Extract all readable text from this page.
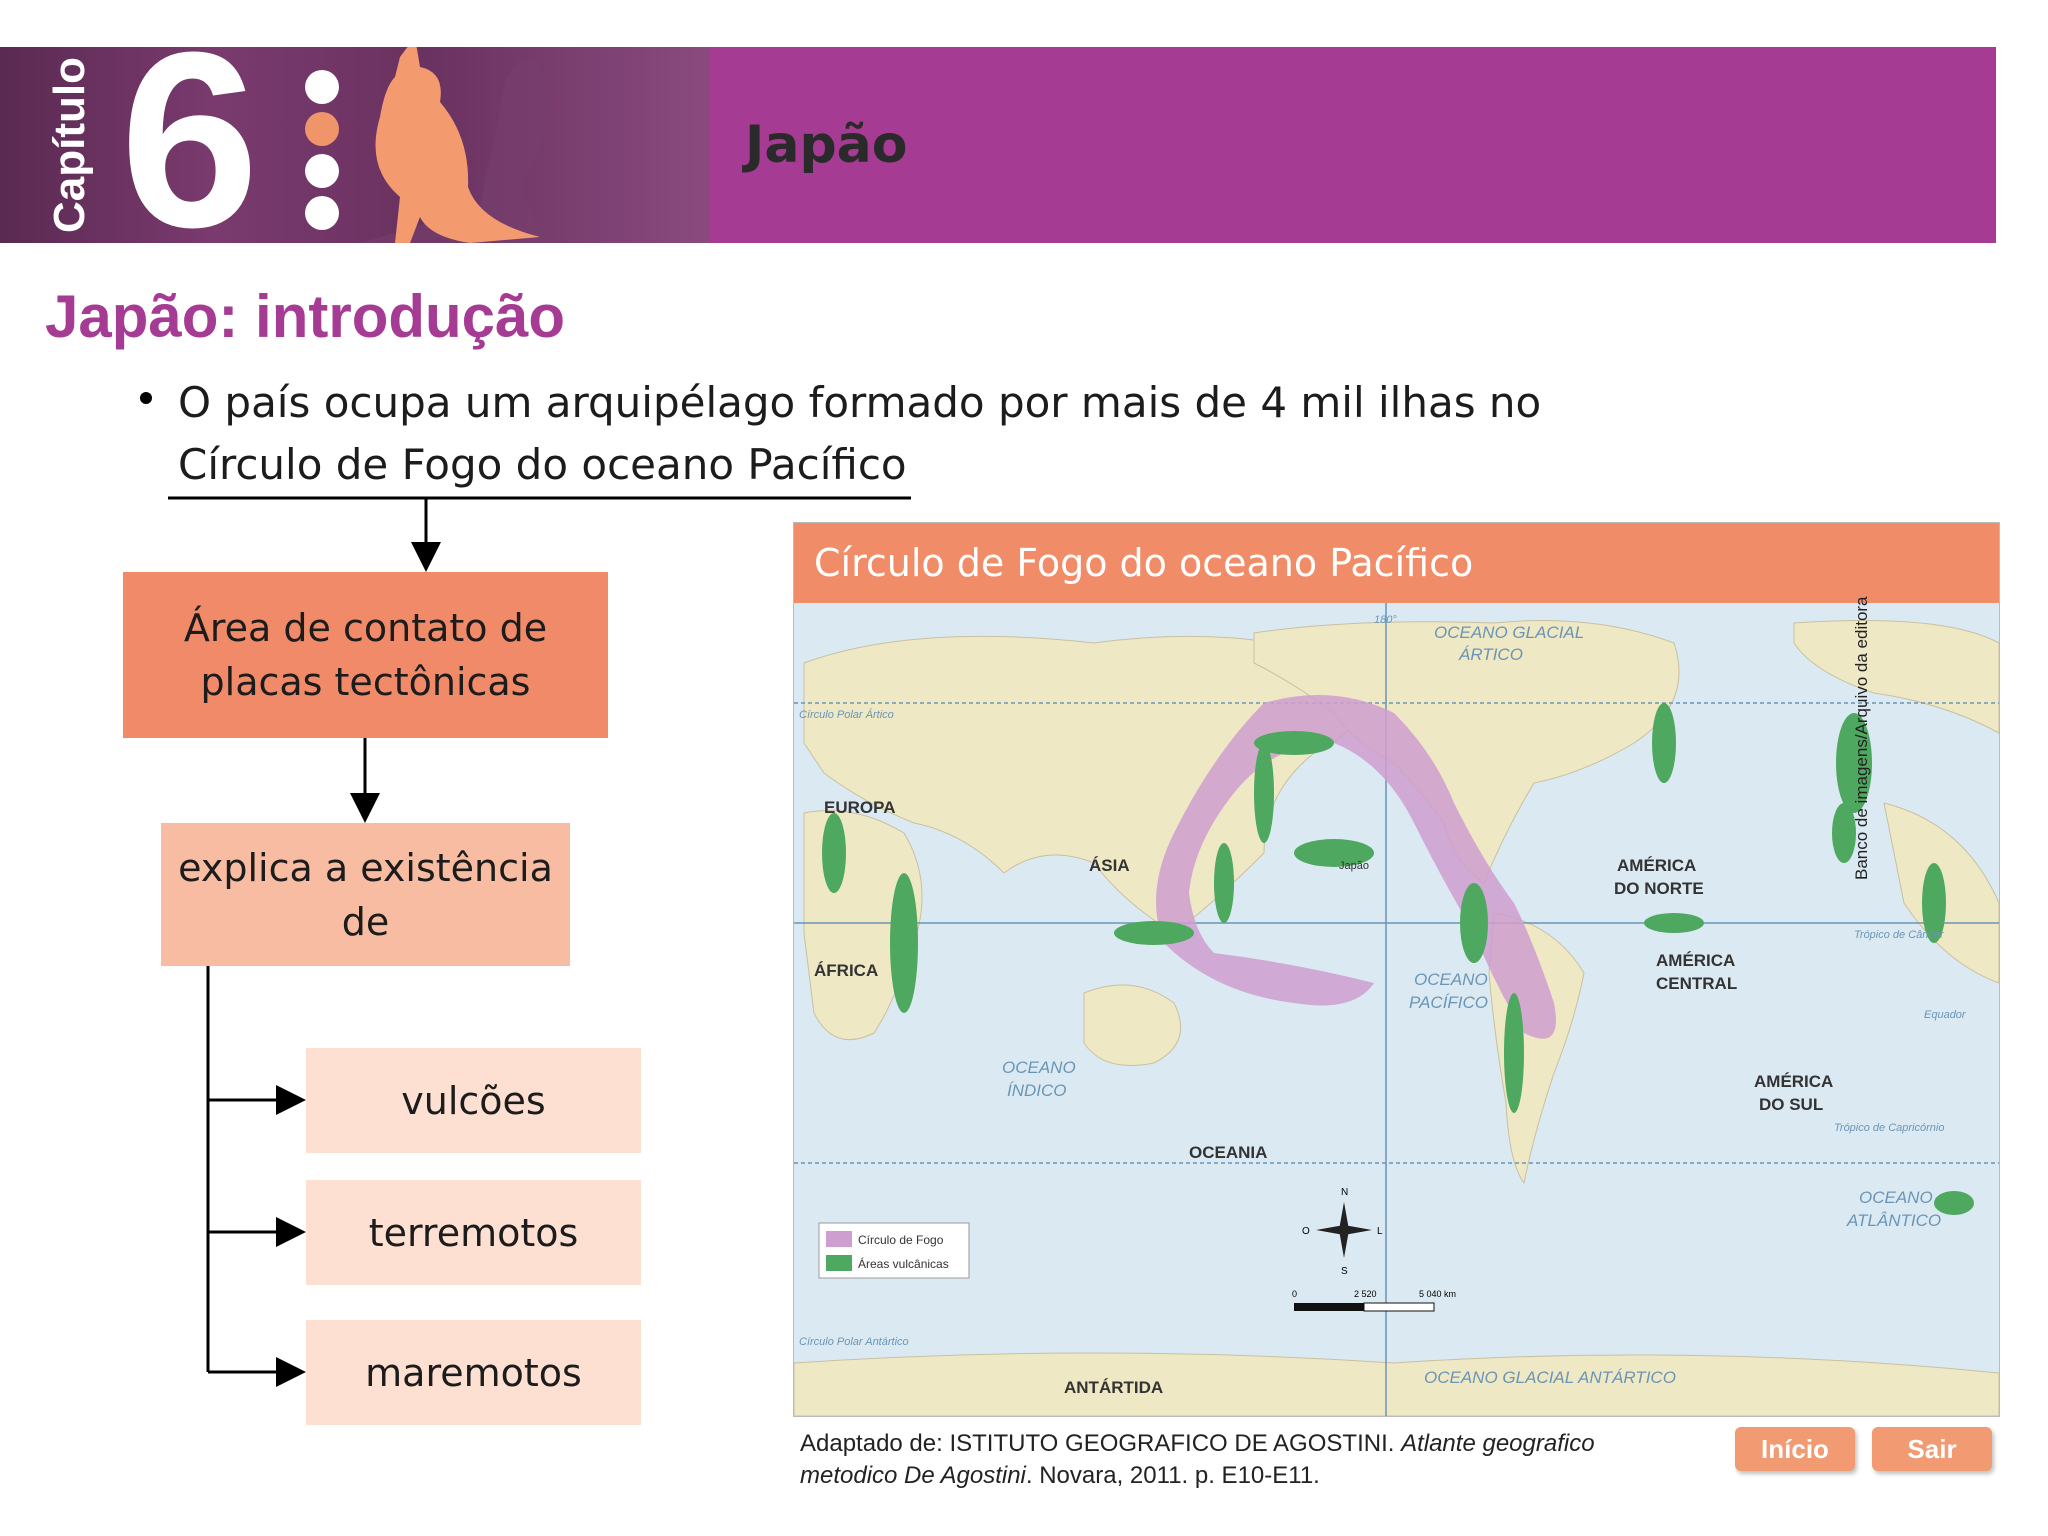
Capítulo 6	Japão
Japão: introdução
O país ocupa um arquipélago formado por mais de 4 mil ilhas no Círculo de Fogo do oceano Pacífico
Área de contato de placas tectônicas
explica a existência de
vulcões
terremotos
maremotos
Círculo de Fogo do oceano Pacífico
EUROPA
ÁSIA
ÁFRICA
OCEANIA
ANTÁRTIDA
AMÉRICA
DO NORTE
AMÉRICA
CENTRAL
AMÉRICA
DO SUL
Japão
OCEANO GLACIAL
ÁRTICO
OCEANO
PACÍFICO
OCEANO
ÍNDICO
OCEANO
ATLÂNTICO
OCEANO GLACIAL ANTÁRTICO
Círculo Polar Ártico
Círculo Polar Antártico
Trópico de Câncer
Equador
Trópico de Capricórnio
180°
Círculo de Fogo
Áreas vulcânicas
N
S
L
O
0	2 520	5 040 km
Banco de imagens/Arquivo da editora
Adaptado de: ISTITUTO GEOGRAFICO DE AGOSTINI. Atlante geografico metodico De Agostini. Novara, 2011. p. E10-E11.
Início	Sair
